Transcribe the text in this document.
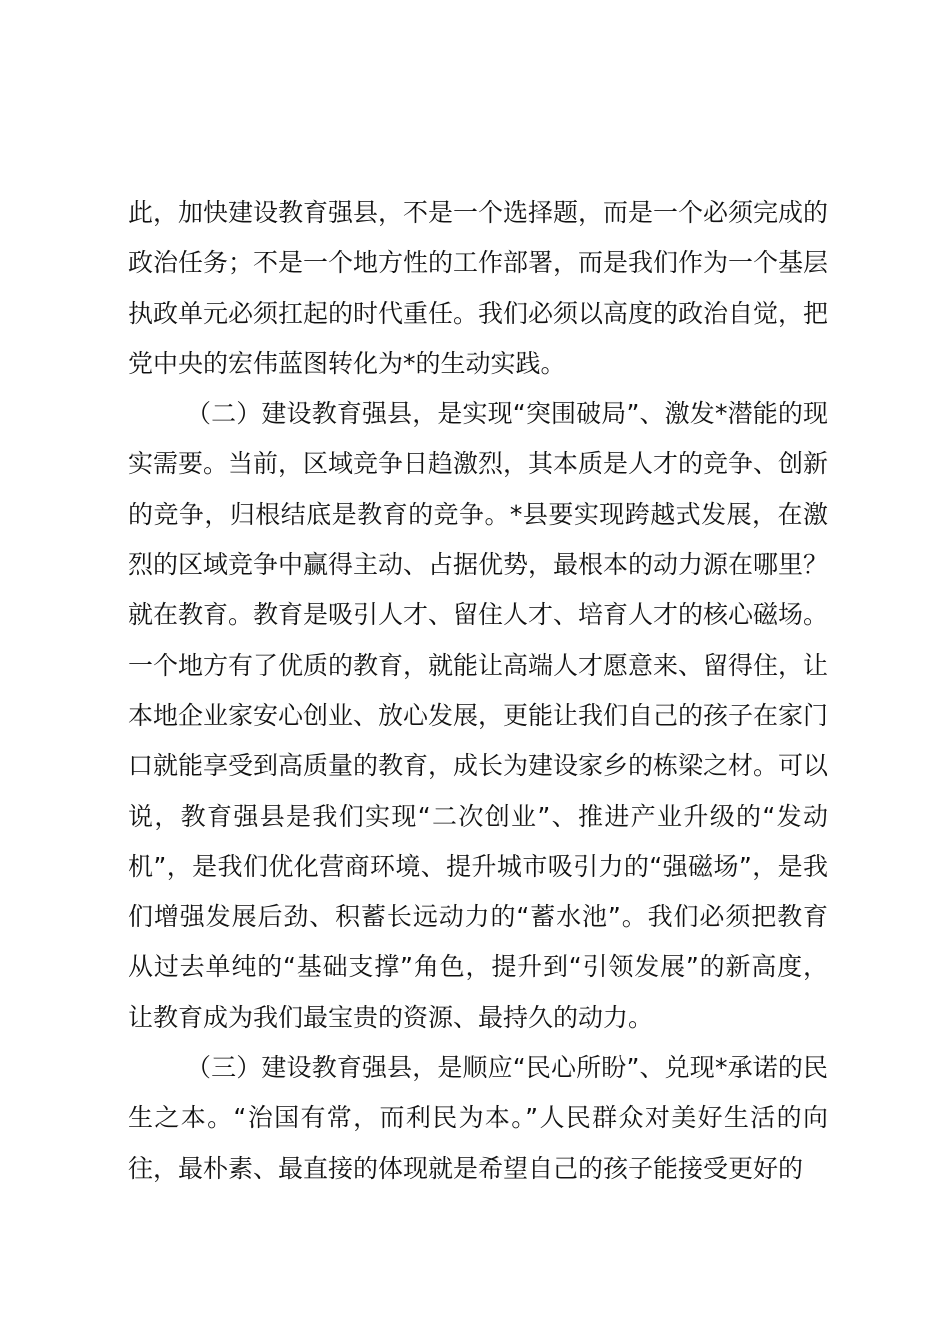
此，加快建设教育强县，不是一个选择题，而是一个必须完成的政治任务；不是一个地方性的工作部署，而是我们作为一个基层执政单元必须扛起的时代重任。我们必须以高度的政治自觉，把党中央的宏伟蓝图转化为*的生动实践。

（二）建设教育强县，是实现“突围破局”、激发*潜能的现实需要。当前，区域竞争日趋激烈，其本质是人才的竞争、创新的竞争，归根结底是教育的竞争。*县要实现跨越式发展，在激烈的区域竞争中赢得主动、占据优势，最根本的动力源在哪里？就在教育。教育是吸引人才、留住人才、培育人才的核心磁场。一个地方有了优质的教育，就能让高端人才愿意来、留得住，让本地企业家安心创业、放心发展，更能让我们自己的孩子在家门口就能享受到高质量的教育，成长为建设家乡的栋梁之材。可以说，教育强县是我们实现“二次创业”、推进产业升级的“发动机”，是我们优化营商环境、提升城市吸引力的“强磁场”，是我们增强发展后劲、积蓄长远动力的“蓄水池”。我们必须把教育从过去单纯的“基础支撑”角色，提升到“引领发展”的新高度，让教育成为我们最宝贵的资源、最持久的动力。

（三）建设教育强县，是顺应“民心所盼”、兑现*承诺的民生之本。“治国有常，而利民为本。”人民群众对美好生活的向往，最朴素、最直接的体现就是希望自己的孩子能接受更好的
